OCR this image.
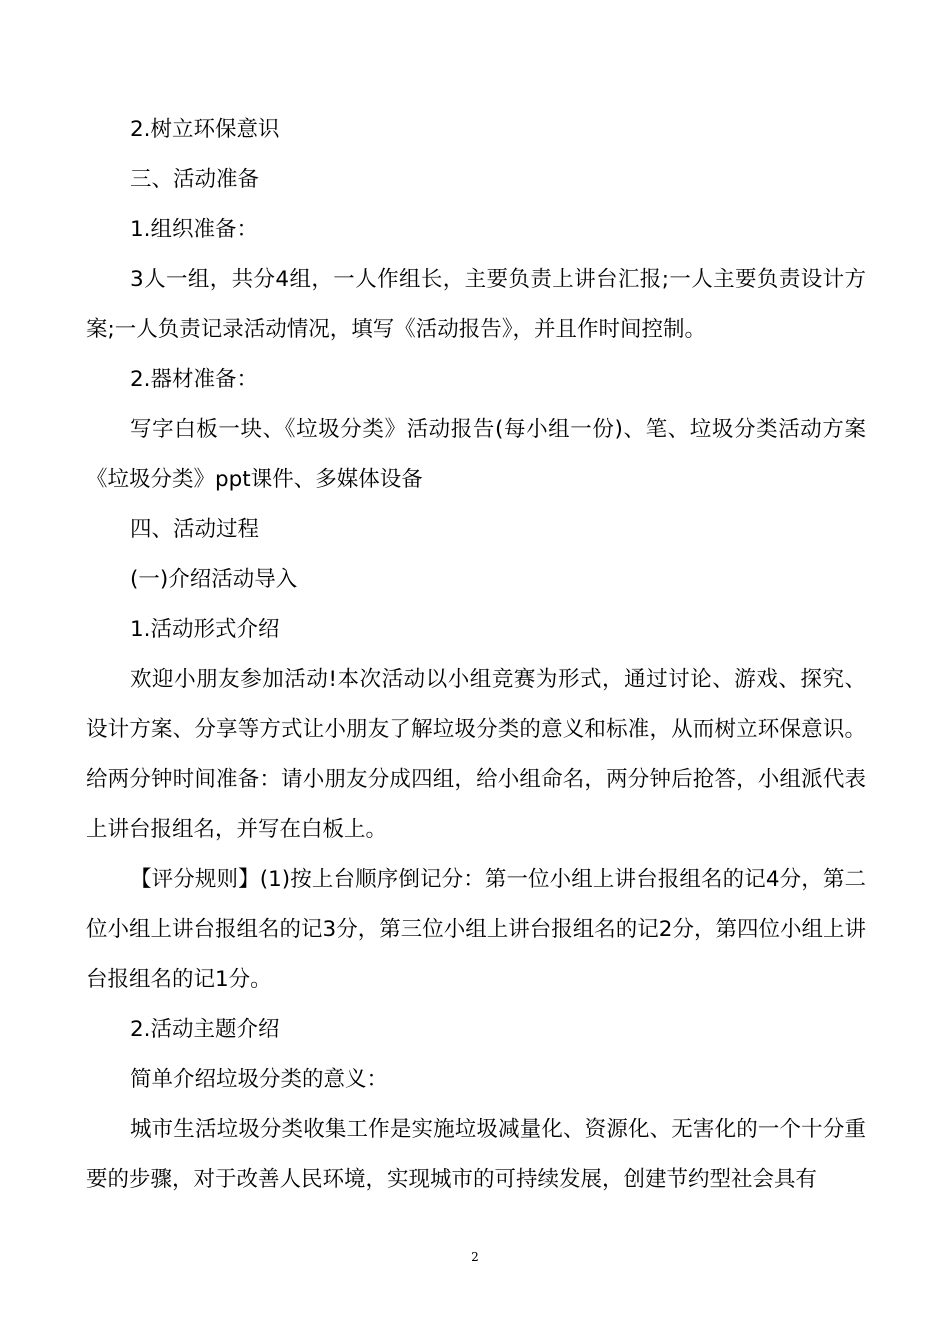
2.树立环保意识

三、活动准备

1.组织准备：

3人一组，共分4组，一人作组长，主要负责上讲台汇报;一人主要负责设计方案;一人负责记录活动情况，填写《活动报告》，并且作时间控制。

2.器材准备：

写字白板一块、《垃圾分类》活动报告(每小组一份)、笔、垃圾分类活动方案《垃圾分类》ppt课件、多媒体设备

四、活动过程

(一)介绍活动导入

1.活动形式介绍

欢迎小朋友参加活动!本次活动以小组竞赛为形式，通过讨论、游戏、探究、设计方案、分享等方式让小朋友了解垃圾分类的意义和标准，从而树立环保意识。给两分钟时间准备：请小朋友分成四组，给小组命名，两分钟后抢答，小组派代表上讲台报组名，并写在白板上。

【评分规则】(1)按上台顺序倒记分：第一位小组上讲台报组名的记4分，第二位小组上讲台报组名的记3分，第三位小组上讲台报组名的记2分，第四位小组上讲台报组名的记1分。

2.活动主题介绍

简单介绍垃圾分类的意义：

城市生活垃圾分类收集工作是实施垃圾减量化、资源化、无害化的一个十分重要的步骤，对于改善人民环境，实现城市的可持续发展，创建节约型社会具有

2
